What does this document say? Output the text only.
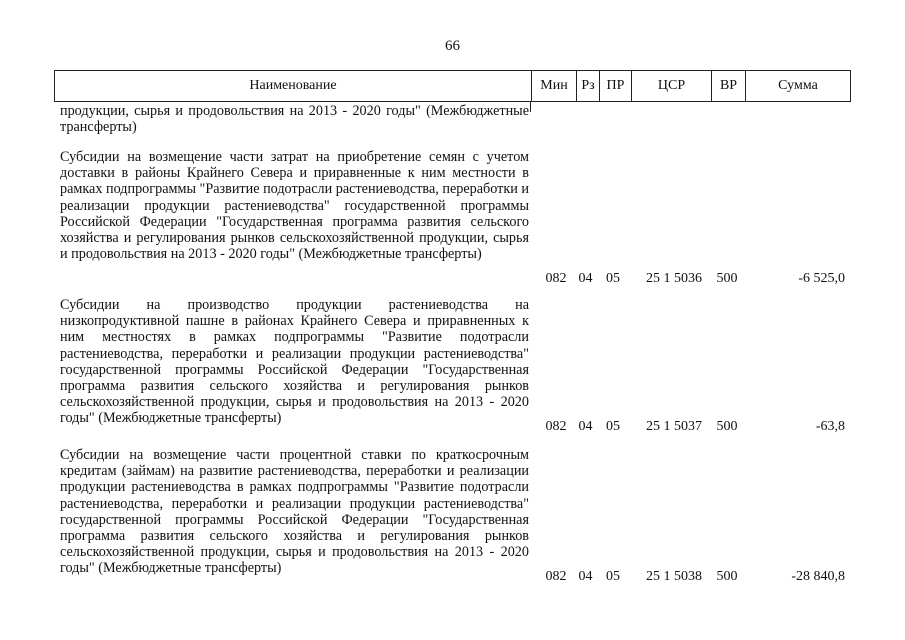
66
Наименование	Мин Рз ПР	ЦСР	ВР	Сумма
продукции, сырья и продовольствия на 2013 - 2020 годы" (Межбюджетные трансферты)
Субсидии на возмещение части затрат на приобретение семян с учетом доставки в районы Крайнего Севера и приравненные к ним местности в рамках подпрограммы "Развитие подотрасли растениеводства, переработки и реализации продукции растениеводства" государственной программы Российской Федерации "Государственная программа развития сельского хозяйства и регулирования рынков сельскохозяйственной продукции, сырья и продовольствия на 2013 - 2020 годы" (Межбюджетные трансферты)
082 04 05	25 1 5036	500	-6 525,0
Субсидии на производство продукции растениеводства на низкопродуктивной пашне в районах Крайнего Севера и приравненных к ним местностях в рамках подпрограммы "Развитие подотрасли растениеводства, переработки и реализации продукции растениеводства" государственной программы Российской Федерации "Государственная программа развития сельского хозяйства и регулирования рынков сельскохозяйственной продукции, сырья и продовольствия на 2013 - 2020 годы" (Межбюджетные трансферты)
082 04 05	25 1 5037	500	-63,8
Субсидии на возмещение части процентной ставки по краткосрочным кредитам (займам) на развитие растениеводства, переработки и реализации продукции растениеводства в рамках подпрограммы "Развитие подотрасли растениеводства, переработки и реализации продукции растениеводства" государственной программы Российской Федерации "Государственная программа развития сельского хозяйства и регулирования рынков сельскохозяйственной продукции, сырья и продовольствия на 2013 - 2020 годы" (Межбюджетные трансферты)
082 04 05	25 1 5038	500	-28 840,8
